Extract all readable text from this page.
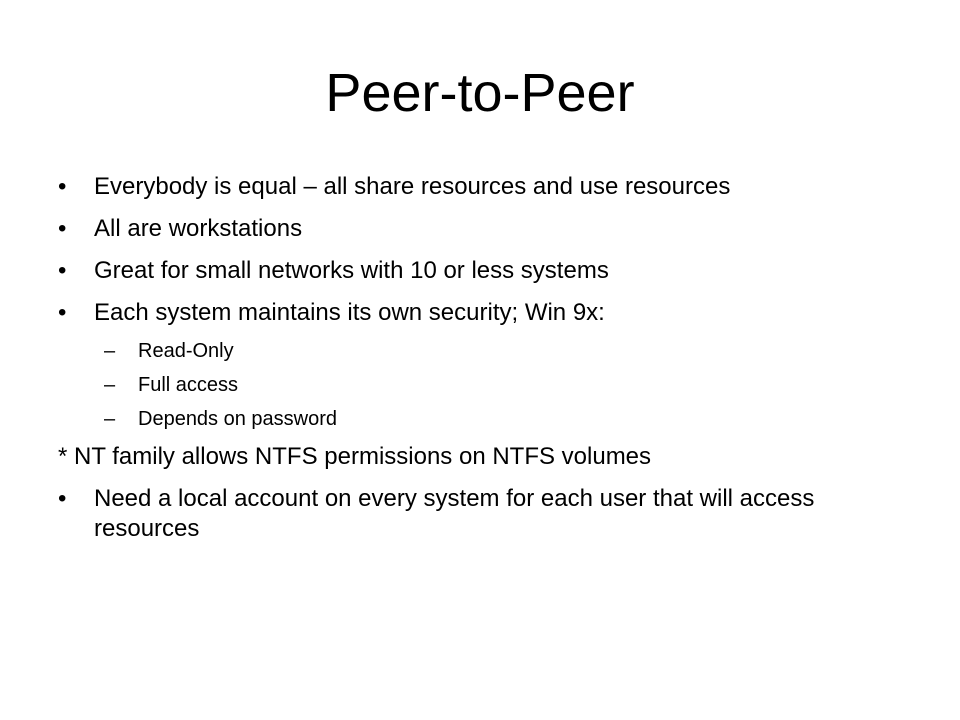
Peer-to-Peer
•	Everybody is equal – all share resources and use resources
•	All are workstations
•	Great for small networks with 10 or less systems
•	Each system maintains its own security; Win 9x:
– Read-Only
– Full access
– Depends on password
* NT family allows NTFS permissions on NTFS volumes
•	Need a local account on every system for each user that will access resources
